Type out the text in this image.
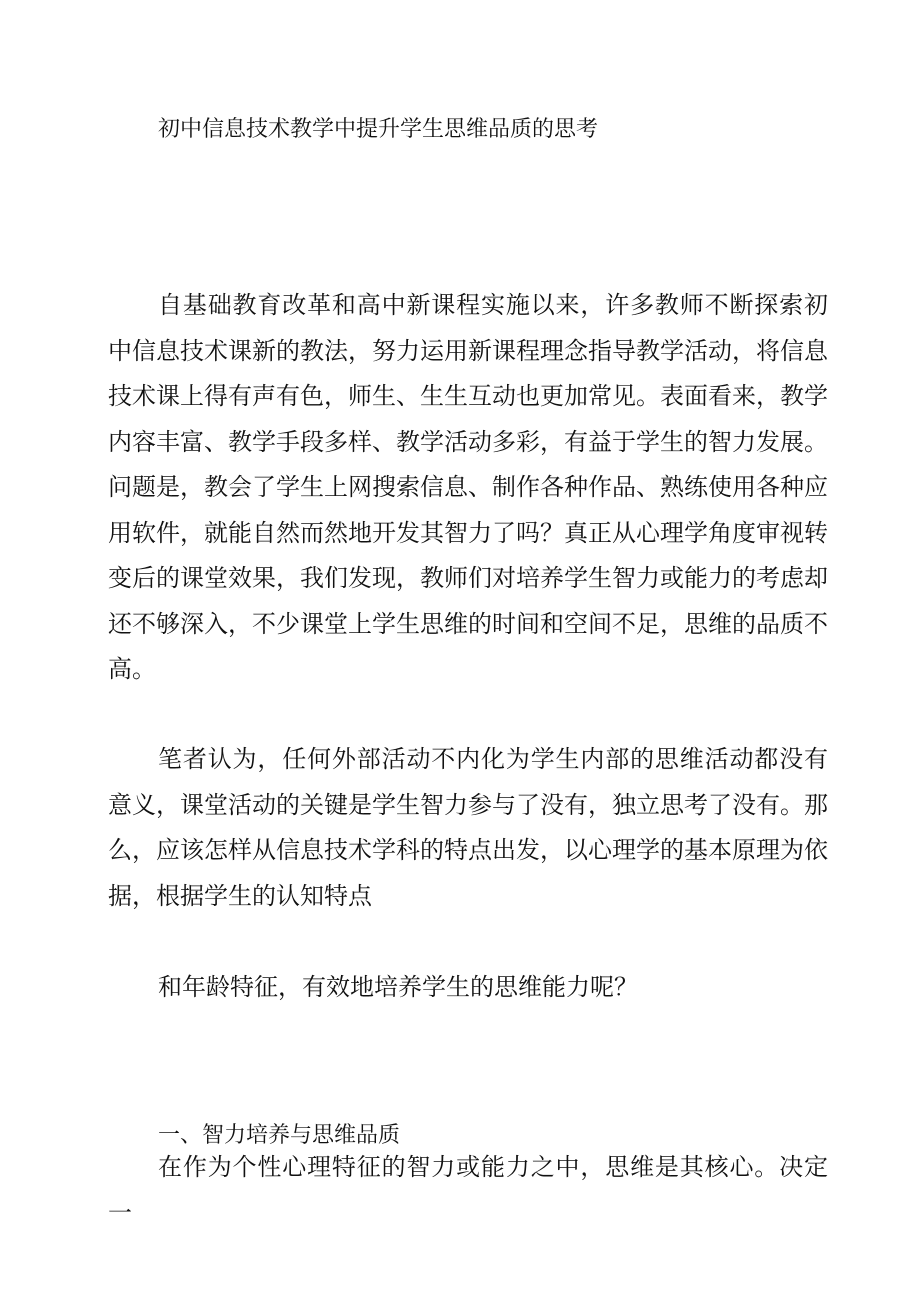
初中信息技术教学中提升学生思维品质的思考

自基础教育改革和高中新课程实施以来，许多教师不断探索初中信息技术课新的教法，努力运用新课程理念指导教学活动，将信息技术课上得有声有色，师生、生生互动也更加常见。表面看来，教学内容丰富、教学手段多样、教学活动多彩，有益于学生的智力发展。问题是，教会了学生上网搜索信息、制作各种作品、熟练使用各种应用软件，就能自然而然地开发其智力了吗？真正从心理学角度审视转变后的课堂效果，我们发现，教师们对培养学生智力或能力的考虑却还不够深入，不少课堂上学生思维的时间和空间不足，思维的品质不高。

笔者认为，任何外部活动不内化为学生内部的思维活动都没有意义，课堂活动的关键是学生智力参与了没有，独立思考了没有。那么，应该怎样从信息技术学科的特点出发，以心理学的基本原理为依据，根据学生的认知特点

和年龄特征，有效地培养学生的思维能力呢？

一、智力培养与思维品质

在作为个性心理特征的智力或能力之中，思维是其核心。决定一
